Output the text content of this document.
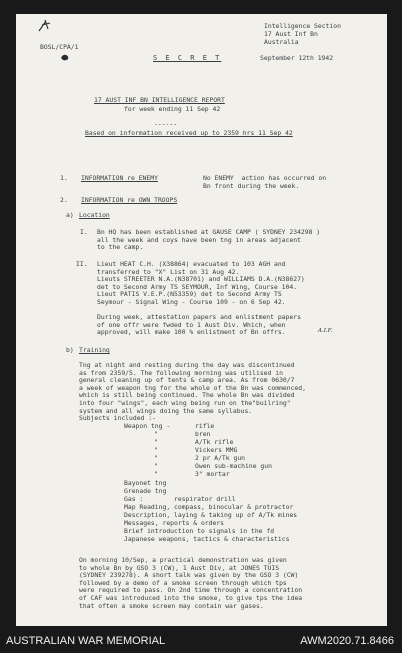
BOSL/CPA/1
Intelligence Section
17 Aust Inf Bn
Australia
S E C R E T	September 12th 1942
17 AUST INF BN INTELLIGENCE REPORT
for week ending 11 Sep 42
------
Based on information received up to 2359 hrs 11 Sep 42
1. INFORMATION re ENEMY	No ENEMY  action has occurred on
Bn front during the week.
2. INFORMATION re OWN TROOPS
a) Location
I. Bn HQ has been established at GAUSE CAMP ( SYDNEY 234298 )
all the week and coys have been tng in areas adjacent
to the camp.
II. Lieut HEAT C.H. (X38864) evacuated to 103 AGH and
transferred to "X" List on 31 Aug 42.
Lieuts STREETER N.A.(N38701) and WILLIAMS D.A.(N38627)
det to Second Army TS SEYMOUR, Inf Wing, Course 104.
Lieut PATIS V.E.P.(N53359) det to Second Army TS
Seymour - Signal Wing - Course 109 - on 6 Sep 42.
During week, attestation papers and enlistment papers
of one offr were fwded to 1 Aust Div. Which, when
approved, will make 100 % enlistment of Bn offrs.	A.I.F.
b) Training
Tng at night and resting during the day was discontinued
as from 2359/5. The following morning was utilised in
general cleaning up of tents & camp area. As from 0630/7
a week of weapon tng for the whole of the Bn was commenced,
which is still being continued. The whole Bn was divided
into four "wings", each wing being run on the"builring"
system and all wings doing the same syllabus.
Subjects included :-
Weapon tng -	rifle
"	bren
"	A/Tk rifle
"	Vickers MMG
"	2 pr A/Tk gun
"	Owen sub-machine gun
"	3" mortar
Bayonet tng
Grenade tng
Gas :        respirator drill
Map Reading, compass, binocular & protractor
Description, laying & taking up of A/Tk mines
Messages, reports & orders
Brief introduction to signals in the fd
Japanese weapons, tactics & characteristics
On morning 10/Sep, a practical demonstration was given
to whole Bn by GSO 3 (CW), 1 Aust Div, at JONES TUIS
(SYDNEY 239278). A short talk was given by the GSO 3 (CW)
followed by a demo of a smoke screen through which tps
were required to pass. On 2nd time through a concentration
of CAF was introduced into the smoke, to give tps the idea
that often a smoke screen may contain war gases.
AUSTRALIAN WAR MEMORIAL	AWM2020.71.8466
